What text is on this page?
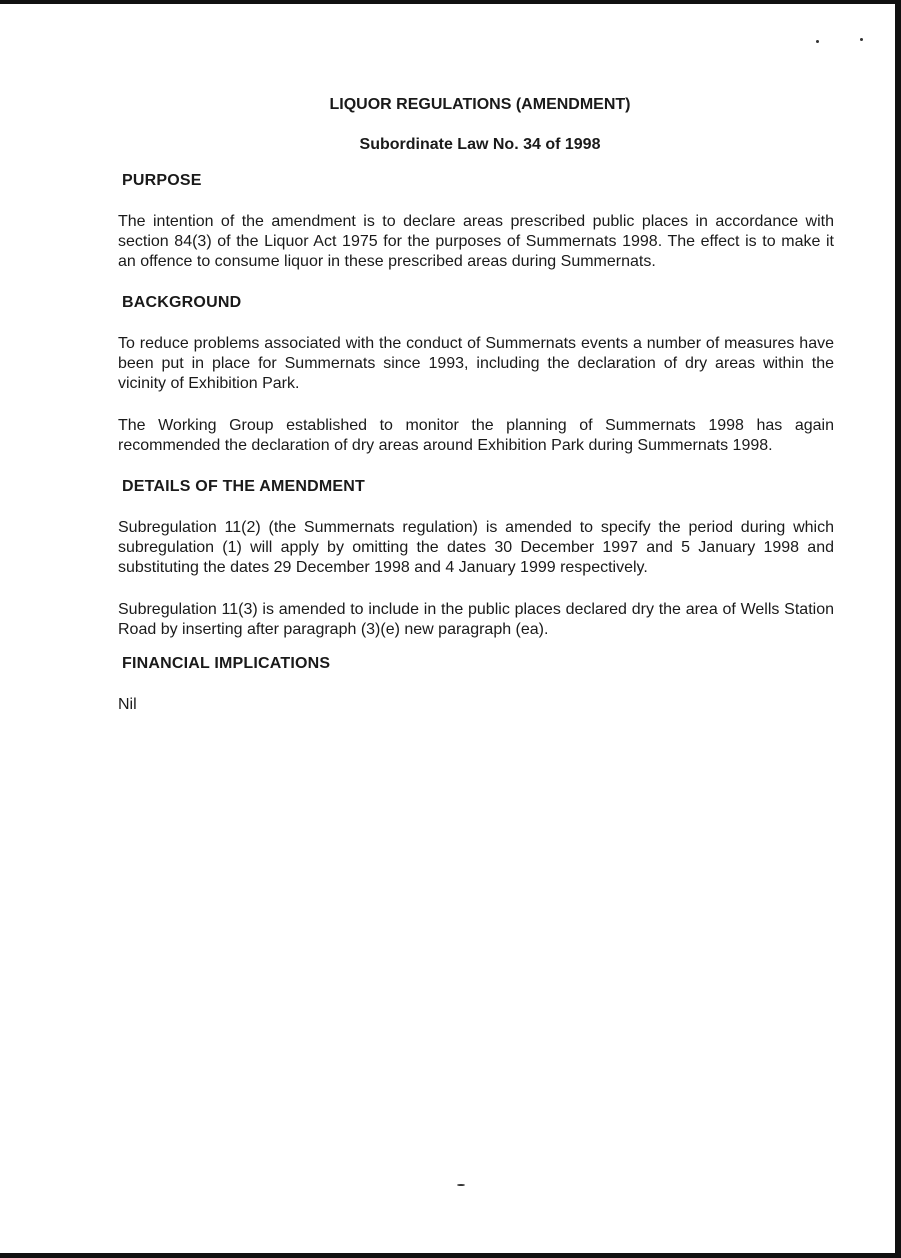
LIQUOR REGULATIONS (AMENDMENT)
Subordinate Law No. 34 of 1998
PURPOSE

The intention of the amendment is to declare areas prescribed public places in accordance with section 84(3) of the Liquor Act 1975 for the purposes of Summernats 1998. The effect is to make it an offence to consume liquor in these prescribed areas during Summernats.

BACKGROUND

To reduce problems associated with the conduct of Summernats events a number of measures have been put in place for Summernats since 1993, including the declaration of dry areas within the vicinity of Exhibition Park.

The Working Group established to monitor the planning of Summernats 1998 has again recommended the declaration of dry areas around Exhibition Park during Summernats 1998.

DETAILS OF THE AMENDMENT

Subregulation 11(2) (the Summernats regulation) is amended to specify the period during which subregulation (1) will apply by omitting the dates 30 December 1997 and 5 January 1998 and substituting the dates 29 December 1998 and 4 January 1999 respectively.

Subregulation 11(3) is amended to include in the public places declared dry the area of Wells Station Road by inserting after paragraph (3)(e) new paragraph (ea).

FINANCIAL IMPLICATIONS

Nil
